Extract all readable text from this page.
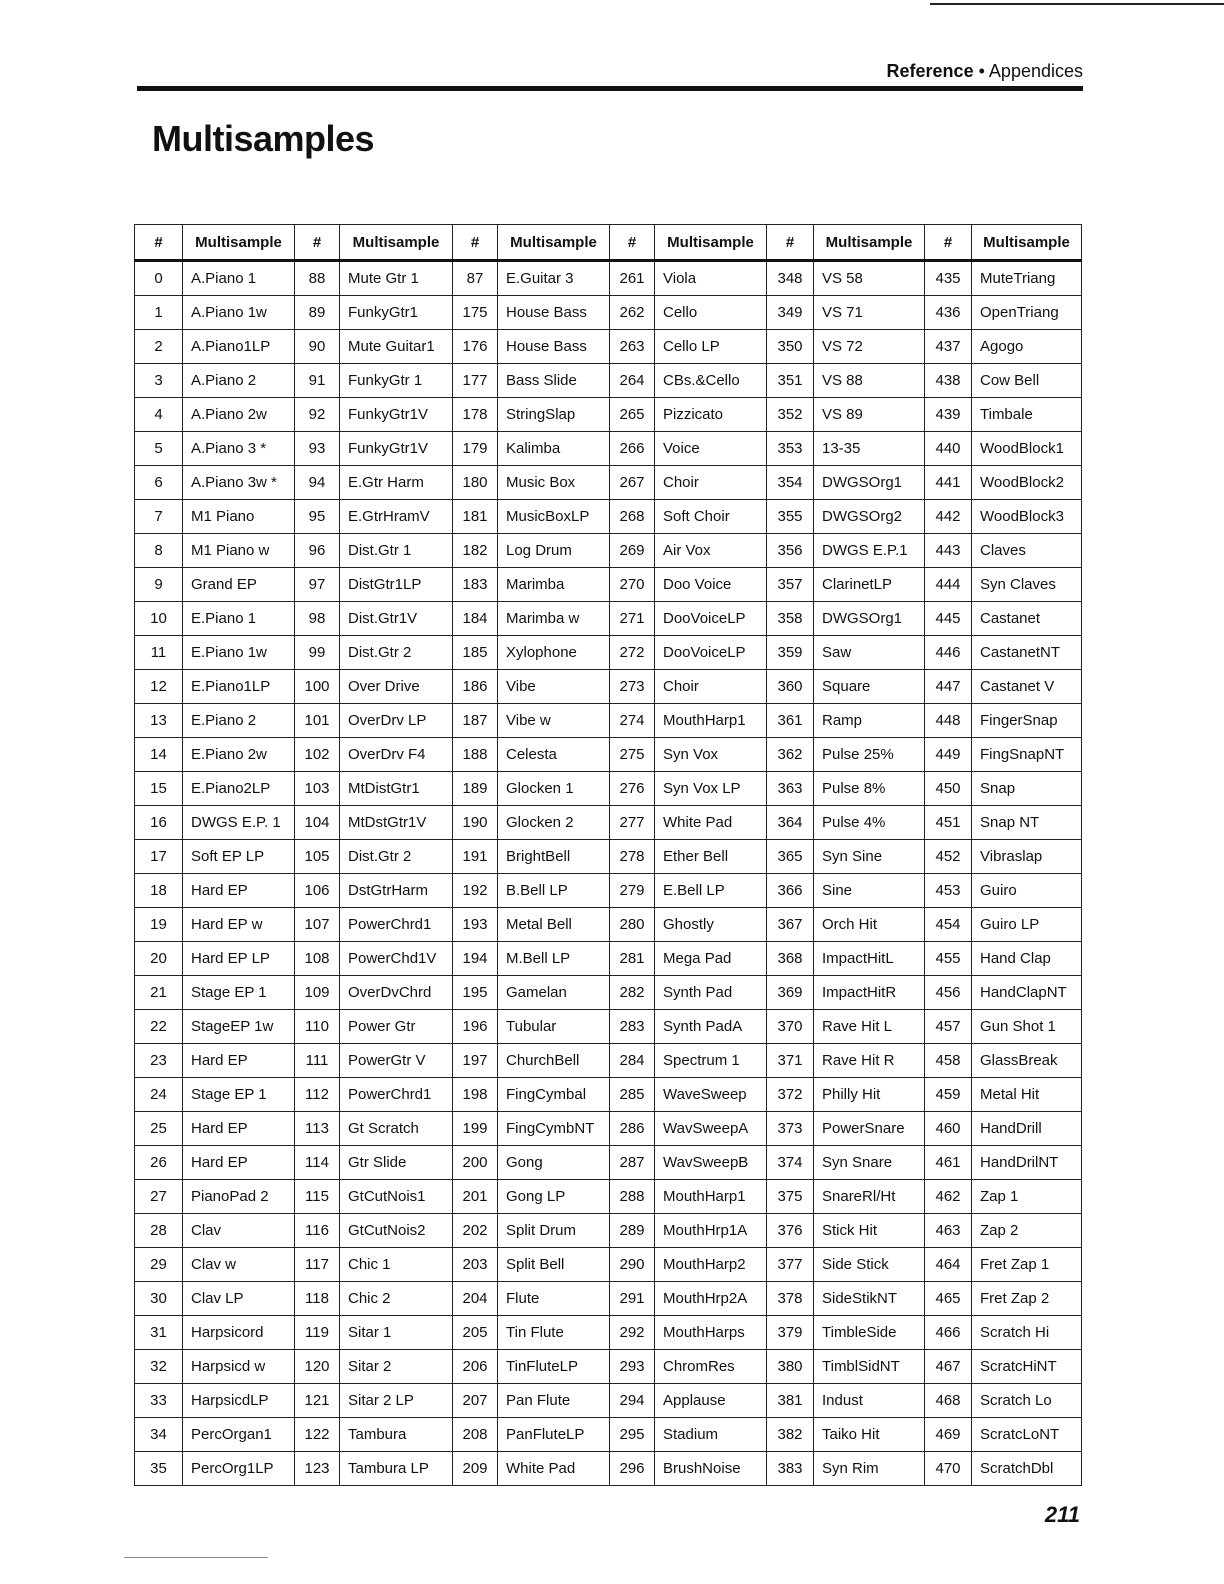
Reference • Appendices
Multisamples
#	Multisample	#	Multisample	#	Multisample	#	Multisample	#	Multisample	#	Multisample
0	A.Piano 1	88	Mute Gtr 1	87	E.Guitar 3	261	Viola	348	VS 58	435	MuteTriang
1	A.Piano 1w	89	FunkyGtr1	175	House Bass	262	Cello	349	VS 71	436	OpenTriang
2	A.Piano1LP	90	Mute Guitar1	176	House Bass	263	Cello LP	350	VS 72	437	Agogo
3	A.Piano 2	91	FunkyGtr 1	177	Bass Slide	264	CBs.&Cello	351	VS 88	438	Cow Bell
4	A.Piano 2w	92	FunkyGtr1V	178	StringSlap	265	Pizzicato	352	VS 89	439	Timbale
5	A.Piano 3 *	93	FunkyGtr1V	179	Kalimba	266	Voice	353	13-35	440	WoodBlock1
6	A.Piano 3w *	94	E.Gtr Harm	180	Music Box	267	Choir	354	DWGSOrg1	441	WoodBlock2
7	M1 Piano	95	E.GtrHramV	181	MusicBoxLP	268	Soft Choir	355	DWGSOrg2	442	WoodBlock3
8	M1 Piano w	96	Dist.Gtr 1	182	Log Drum	269	Air Vox	356	DWGS E.P.1	443	Claves
9	Grand EP	97	DistGtr1LP	183	Marimba	270	Doo Voice	357	ClarinetLP	444	Syn Claves
10	E.Piano 1	98	Dist.Gtr1V	184	Marimba w	271	DooVoiceLP	358	DWGSOrg1	445	Castanet
11	E.Piano 1w	99	Dist.Gtr 2	185	Xylophone	272	DooVoiceLP	359	Saw	446	CastanetNT
12	E.Piano1LP	100	Over Drive	186	Vibe	273	Choir	360	Square	447	Castanet V
13	E.Piano 2	101	OverDrv LP	187	Vibe w	274	MouthHarp1	361	Ramp	448	FingerSnap
14	E.Piano 2w	102	OverDrv F4	188	Celesta	275	Syn Vox	362	Pulse 25%	449	FingSnapNT
15	E.Piano2LP	103	MtDistGtr1	189	Glocken 1	276	Syn Vox LP	363	Pulse 8%	450	Snap
16	DWGS E.P. 1	104	MtDstGtr1V	190	Glocken 2	277	White Pad	364	Pulse 4%	451	Snap NT
17	Soft EP LP	105	Dist.Gtr 2	191	BrightBell	278	Ether Bell	365	Syn Sine	452	Vibraslap
18	Hard EP	106	DstGtrHarm	192	B.Bell LP	279	E.Bell LP	366	Sine	453	Guiro
19	Hard EP w	107	PowerChrd1	193	Metal Bell	280	Ghostly	367	Orch Hit	454	Guiro LP
20	Hard EP LP	108	PowerChd1V	194	M.Bell LP	281	Mega Pad	368	ImpactHitL	455	Hand Clap
21	Stage EP 1	109	OverDvChrd	195	Gamelan	282	Synth Pad	369	ImpactHitR	456	HandClapNT
22	StageEP 1w	110	Power Gtr	196	Tubular	283	Synth PadA	370	Rave Hit L	457	Gun Shot 1
23	Hard EP	111	PowerGtr V	197	ChurchBell	284	Spectrum 1	371	Rave Hit R	458	GlassBreak
24	Stage EP 1	112	PowerChrd1	198	FingCymbal	285	WaveSweep	372	Philly Hit	459	Metal Hit
25	Hard EP	113	Gt Scratch	199	FingCymbNT	286	WavSweepA	373	PowerSnare	460	HandDrill
26	Hard EP	114	Gtr Slide	200	Gong	287	WavSweepB	374	Syn Snare	461	HandDrilNT
27	PianoPad 2	115	GtCutNois1	201	Gong LP	288	MouthHarp1	375	SnareRl/Ht	462	Zap 1
28	Clav	116	GtCutNois2	202	Split Drum	289	MouthHrp1A	376	Stick Hit	463	Zap 2
29	Clav w	117	Chic 1	203	Split Bell	290	MouthHarp2	377	Side Stick	464	Fret Zap 1
30	Clav LP	118	Chic 2	204	Flute	291	MouthHrp2A	378	SideStikNT	465	Fret Zap 2
31	Harpsicord	119	Sitar 1	205	Tin Flute	292	MouthHarps	379	TimbleSide	466	Scratch Hi
32	Harpsicd w	120	Sitar 2	206	TinFluteLP	293	ChromRes	380	TimblSidNT	467	ScratcHiNT
33	HarpsicdLP	121	Sitar 2 LP	207	Pan Flute	294	Applause	381	Indust	468	Scratch Lo
34	PercOrgan1	122	Tambura	208	PanFluteLP	295	Stadium	382	Taiko Hit	469	ScratcLoNT
35	PercOrg1LP	123	Tambura LP	209	White Pad	296	BrushNoise	383	Syn Rim	470	ScratchDbl
211
